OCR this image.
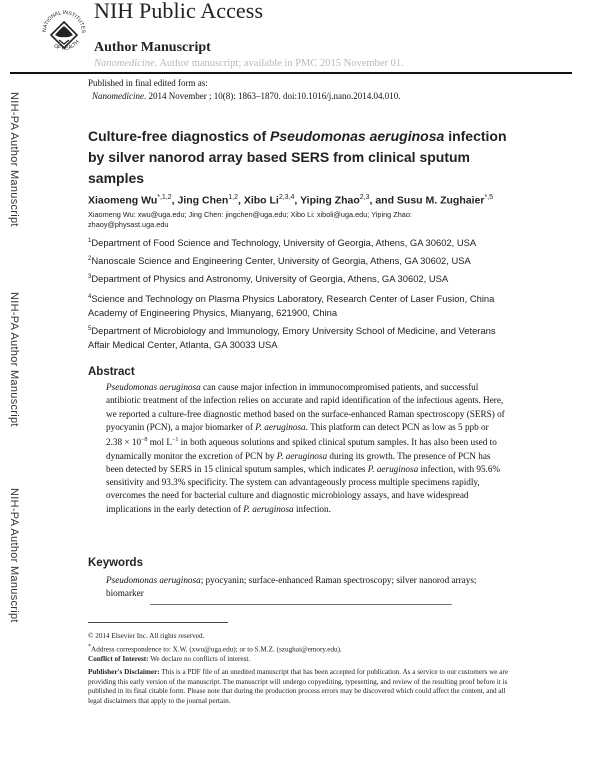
NATIONAL INSTITUTES
OF HEALTH
NIH Public Access
Author Manuscript
Nanomedicine. Author manuscript; available in PMC 2015 November 01.
Published in final edited form as:
Nanomedicine. 2014 November ; 10(8): 1863–1870. doi:10.1016/j.nano.2014.04.010.
NIH-PA Author Manuscript
NIH-PA Author Manuscript
NIH-PA Author Manuscript
Culture-free diagnostics of Pseudomonas aeruginosa infection by silver nanorod array based SERS from clinical sputum samples
Xiaomeng $Wu^{*,1,2}$, Jing Chen$^{1,2}$, Xibo Li$^{2,3,4}$, Yiping Zhao$^{2,3}$, and Susu M. Zughaier$^{*,5}$
Xiaomeng Wu: xwu@uga.edu; Jing Chen: jingchen@uga.edu; Xibo Li: xiboli@uga.edu; Yiping Zhao: zhaoy@physast.uga.edu
$^1$Department of Food Science and Technology, University of Georgia, Athens, GA 30602, USA
$^2$Nanoscale Science and Engineering Center, University of Georgia, Athens, GA 30602, USA
$^3$Department of Physics and Astronomy, University of Georgia, Athens, GA 30602, USA
$^4$Science and Technology on Plasma Physics Laboratory, Research Center of Laser Fusion, China Academy of Engineering Physics, Mianyang, 621900, China
$^5$Department of Microbiology and Immunology, Emory University School of Medicine, and Veterans Affair Medical Center, Atlanta, GA 30033 USA
Abstract
Pseudomonas aeruginosa can cause major infection in immunocompromised patients, and successful antibiotic treatment of the infection relies on accurate and rapid identification of the infectious agents. Here, we reported a culture-free diagnostic method based on the surface-enhanced Raman spectroscopy (SERS) of pyocyanin (PCN), a major biomarker of P. aeruginosa. This platform can detect PCN as low as 5 ppb or $2.38 \times 10^{-8}$ mol $L^{-1}$ in both aqueous solutions and spiked clinical sputum samples. It has also been used to dynamically monitor the excretion of PCN by P. aeruginosa during its growth. The presence of PCN has been detected by SERS in 15 clinical sputum samples, which indicates P. aeruginosa infection, with 95.6% sensitivity and 93.3% specificity. The system can advantageously process multiple specimens rapidly, overcomes the need for bacterial culture and diagnostic microbiology assays, and have widespread implications in the early detection of P. aeruginosa infection.
Keywords
Pseudomonas aeruginosa; pyocyanin; surface-enhanced Raman spectroscopy; silver nanorod arrays; biomarker
© 2014 Elsevier Inc. All rights reserved.
*Address correspondence to: X.W. (xwu@uga.edu); or to S.M.Z. (szughai@emory.edu).
Conflict of Interest: We declare no conflicts of interest.
Publisher's Disclaimer: This is a PDF file of an unedited manuscript that has been accepted for publication. As a service to our customers we are providing this early version of the manuscript. The manuscript will undergo copyediting, typesetting, and review of the resulting proof before it is published in its final citable form. Please note that during the production process errors may be discovered which could affect the content, and all legal disclaimers that apply to the journal pertain.
